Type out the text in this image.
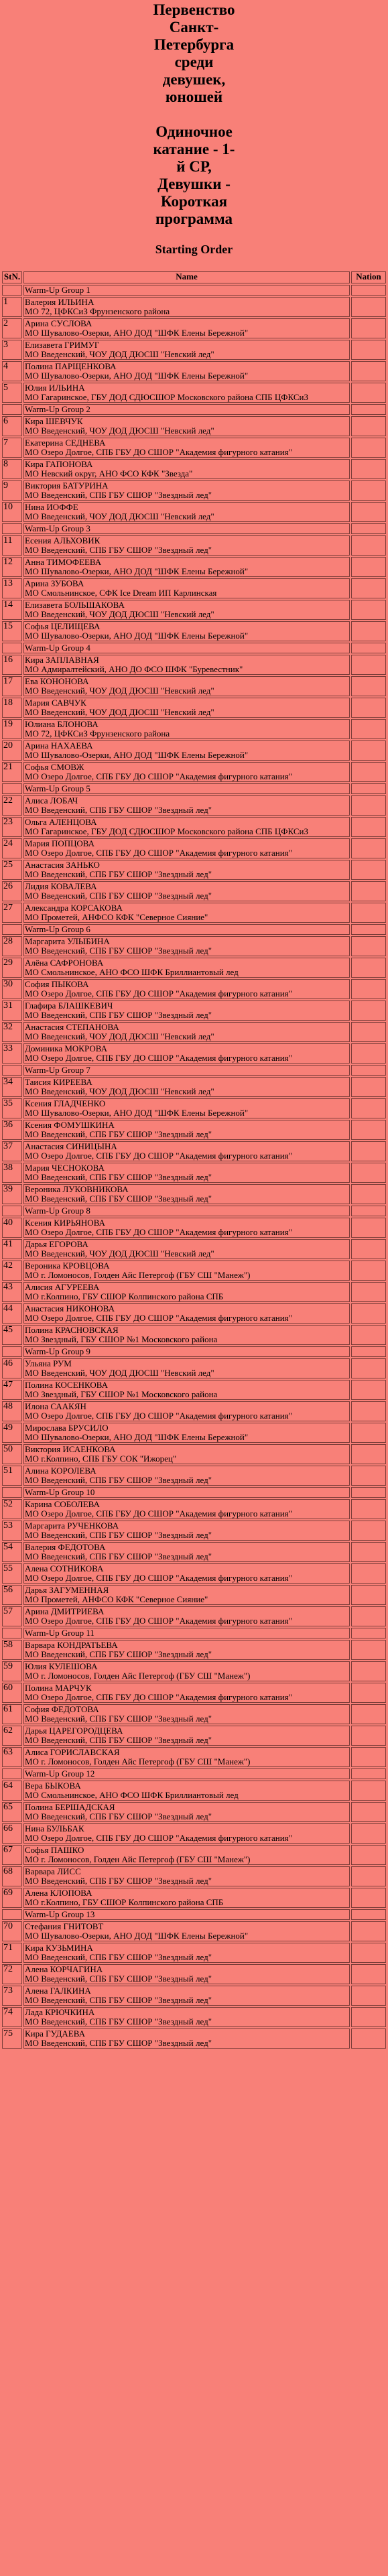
Первенство
Санкт-
Петербурга
среди
девушек,
юношей
Одиночное
катание - 1-
й СР,
Девушки -
Короткая
программа
Starting Order
StN.	Name	Nation
	Warm-Up Group 1	
1	Валерия ИЛЬИНА
МО 72, ЦФКСиЗ Фрунзенского района	

2	Арина СУСЛОВА
МО Шувалово-Озерки, АНО ДОД "ШФК Елены Бережной"	

3	Елизавета ГРИМУГ
МО Введенский, ЧОУ ДОД ДЮСШ "Невский лед"	

4	Полина ПАРЩЕНКОВА
МО Шувалово-Озерки, АНО ДОД "ШФК Елены Бережной"	

5	Юлия ИЛЬИНА
МО Гагаринское, ГБУ ДОД СДЮСШОР Московского района СПБ ЦФКСиЗ	

	Warm-Up Group 2	
6	Кира ШЕВЧУК
МО Введенский, ЧОУ ДОД ДЮСШ "Невский лед"	

7	Екатерина СЕДНЕВА
МО Озеро Долгое, СПБ ГБУ ДО СШОР "Академия фигурного катания"	

8	Кира ГАПОНОВА
МО Невский округ, АНО ФСО КФК "Звезда"	

9	Виктория БАТУРИНА
МО Введенский, СПБ ГБУ СШОР "Звездный лед"	

10	Нина ИОФФЕ
МО Введенский, ЧОУ ДОД ДЮСШ "Невский лед"	

	Warm-Up Group 3	
11	Есения АЛЬХОВИК
МО Введенский, СПБ ГБУ СШОР "Звездный лед"	

12	Анна ТИМОФЕЕВА
МО Шувалово-Озерки, АНО ДОД "ШФК Елены Бережной"	

13	Арина ЗУБОВА
МО Смольнинское, СФК Ice Dream ИП Карлинская	

14	Елизавета БОЛЬШАКОВА
МО Введенский, ЧОУ ДОД ДЮСШ "Невский лед"	

15	Софья ЦЕЛИЩЕВА
МО Шувалово-Озерки, АНО ДОД "ШФК Елены Бережной"	

	Warm-Up Group 4	
16	Кира ЗАПЛАВНАЯ
МО Адмиралтейский, АНО ДО ФСО ШФК "Буревестник"	

17	Ева КОНОНОВА
МО Введенский, ЧОУ ДОД ДЮСШ "Невский лед"	

18	Мария САВЧУК
МО Введенский, ЧОУ ДОД ДЮСШ "Невский лед"	

19	Юлиана БЛОНОВА
МО 72, ЦФКСиЗ Фрунзенского района	

20	Арина НАХАЕВА
МО Шувалово-Озерки, АНО ДОД "ШФК Елены Бережной"	

21	Софья СМОВЖ
МО Озеро Долгое, СПБ ГБУ ДО СШОР "Академия фигурного катания"	

	Warm-Up Group 5	
22	Алиса ЛОБАЧ
МО Введенский, СПБ ГБУ СШОР "Звездный лед"	

23	Ольга АЛЕНЦОВА
МО Гагаринское, ГБУ ДОД СДЮСШОР Московского района СПБ ЦФКСиЗ	

24	Мария ПОПЦОВА
МО Озеро Долгое, СПБ ГБУ ДО СШОР "Академия фигурного катания"	

25	Анастасия ЗАНЬКО
МО Введенский, СПБ ГБУ СШОР "Звездный лед"	

26	Лидия КОВАЛЕВА
МО Введенский, СПБ ГБУ СШОР "Звездный лед"	

27	Александра КОРСАКОВА
МО Прометей, АНФСО КФК "Северное Сияние"	

	Warm-Up Group 6	
28	Маргарита УЛЫБИНА
МО Введенский, СПБ ГБУ СШОР "Звездный лед"	

29	Алёна САФРОНОВА
МО Смольнинское, АНО ФСО ШФК Бриллиантовый лед	

30	София ПЫКОВА
МО Озеро Долгое, СПБ ГБУ ДО СШОР "Академия фигурного катания"	

31	Глафира БЛАШКЕВИЧ
МО Введенский, СПБ ГБУ СШОР "Звездный лед"	

32	Анастасия СТЕПАНОВА
МО Введенский, ЧОУ ДОД ДЮСШ "Невский лед"	

33	Доминика МОКРОВА
МО Озеро Долгое, СПБ ГБУ ДО СШОР "Академия фигурного катания"	

	Warm-Up Group 7	
34	Таисия КИРЕЕВА
МО Введенский, ЧОУ ДОД ДЮСШ "Невский лед"	

35	Ксения ГЛАДЧЕНКО
МО Шувалово-Озерки, АНО ДОД "ШФК Елены Бережной"	

36	Ксения ФОМУШКИНА
МО Введенский, СПБ ГБУ СШОР "Звездный лед"	

37	Анастасия СИНИЦЫНА
МО Озеро Долгое, СПБ ГБУ ДО СШОР "Академия фигурного катания"	

38	Мария ЧЕСНОКОВА
МО Введенский, СПБ ГБУ СШОР "Звездный лед"	

39	Вероника ЛУКОВНИКОВА
МО Введенский, СПБ ГБУ СШОР "Звездный лед"	

	Warm-Up Group 8	
40	Ксения КИРЬЯНОВА
МО Озеро Долгое, СПБ ГБУ ДО СШОР "Академия фигурного катания"	

41	Дарья ЕГОРОВА
МО Введенский, ЧОУ ДОД ДЮСШ "Невский лед"	

42	Вероника КРОВЦОВА
МО г. Ломоносов, Голден Айс Петергоф (ГБУ СШ "Манеж")	

43	Алисия АГУРЕЕВА
МО г.Колпино, ГБУ СШОР Колпинского района СПБ	

44	Анастасия НИКОНОВА
МО Озеро Долгое, СПБ ГБУ ДО СШОР "Академия фигурного катания"	

45	Полина КРАСНОВСКАЯ
МО Звездный, ГБУ СШОР №1 Московского района	

	Warm-Up Group 9	
46	Ульяна РУМ
МО Введенский, ЧОУ ДОД ДЮСШ "Невский лед"	

47	Полина КОСЕНКОВА
МО Звездный, ГБУ СШОР №1 Московского района	

48	Илона СААКЯН
МО Озеро Долгое, СПБ ГБУ ДО СШОР "Академия фигурного катания"	

49	Мирослава БРУСИЛО
МО Шувалово-Озерки, АНО ДОД "ШФК Елены Бережной"	

50	Виктория ИСАЕНКОВА
МО г.Колпино, СПБ ГБУ СОК "Ижорец"	

51	Алина КОРОЛЕВА
МО Введенский, СПБ ГБУ СШОР "Звездный лед"	

	Warm-Up Group 10	
52	Карина СОБОЛЕВА
МО Озеро Долгое, СПБ ГБУ ДО СШОР "Академия фигурного катания"	

53	Маргарита РУЧЕНКОВА
МО Введенский, СПБ ГБУ СШОР "Звездный лед"	

54	Валерия ФЕДОТОВА
МО Введенский, СПБ ГБУ СШОР "Звездный лед"	

55	Алена СОТНИКОВА
МО Озеро Долгое, СПБ ГБУ ДО СШОР "Академия фигурного катания"	

56	Дарья ЗАГУМЕННАЯ
МО Прометей, АНФСО КФК "Северное Сияние"	

57	Арина ДМИТРИЕВА
МО Озеро Долгое, СПБ ГБУ ДО СШОР "Академия фигурного катания"	

	Warm-Up Group 11	
58	Варвара КОНДРАТЬЕВА
МО Введенский, СПБ ГБУ СШОР "Звездный лед"	

59	Юлия КУЛЕШОВА
МО г. Ломоносов, Голден Айс Петергоф (ГБУ СШ "Манеж")	

60	Полина МАРЧУК
МО Озеро Долгое, СПБ ГБУ ДО СШОР "Академия фигурного катания"	

61	София ФЕДОТОВА
МО Введенский, СПБ ГБУ СШОР "Звездный лед"	

62	Дарья ЦАРЕГОРОДЦЕВА
МО Введенский, СПБ ГБУ СШОР "Звездный лед"	

63	Алиса ГОРИСЛАВСКАЯ
МО г. Ломоносов, Голден Айс Петергоф (ГБУ СШ "Манеж")	

	Warm-Up Group 12	
64	Вера БЫКОВА
МО Смольнинское, АНО ФСО ШФК Бриллиантовый лед	

65	Полина БЕРШАДСКАЯ
МО Введенский, СПБ ГБУ СШОР "Звездный лед"	

66	Нина БУЛЬБАК
МО Озеро Долгое, СПБ ГБУ ДО СШОР "Академия фигурного катания"	

67	Софья ПАШКО
МО г. Ломоносов, Голден Айс Петергоф (ГБУ СШ "Манеж")	

68	Варвара ЛИСС
МО Введенский, СПБ ГБУ СШОР "Звездный лед"	

69	Алена КЛОПОВА
МО г.Колпино, ГБУ СШОР Колпинского района СПБ	

	Warm-Up Group 13	
70	Стефания ГНИТОВТ
МО Шувалово-Озерки, АНО ДОД "ШФК Елены Бережной"	

71	Кира КУЗЬМИНА
МО Введенский, СПБ ГБУ СШОР "Звездный лед"	

72	Алена КОРЧАГИНА
МО Введенский, СПБ ГБУ СШОР "Звездный лед"	

73	Алена ГАЛКИНА
МО Введенский, СПБ ГБУ СШОР "Звездный лед"	

74	Лада КРЮЧКИНА
МО Введенский, СПБ ГБУ СШОР "Звездный лед"	

75	Кира ГУДАЕВА
МО Введенский, СПБ ГБУ СШОР "Звездный лед"	
